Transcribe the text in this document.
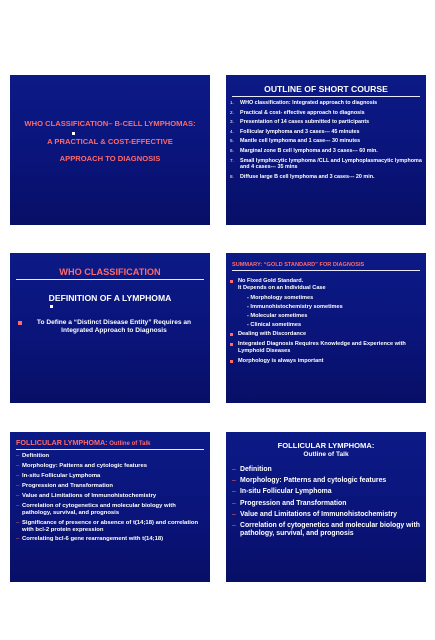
WHO CLASSIFICATION– B-CELL LYMPHOMAS:
A PRACTICAL & COST-EFFECTIVE
APPROACH TO DIAGNOSIS
OUTLINE OF SHORT COURSE
1.	WHO classification: Integrated approach to diagnosis
2.	Practical & cost- effective approach to diagnosis
3.	Presentation of 14 cases submitted to participants
4.	Follicular lymphoma and 3 cases--- 45 minutes
5.	Mantle cell lymphoma and 1 case--- 30 minutes
6.	Marginal zone B cell lymphoma and 3 cases--- 60 min.
7.	Small lymphocytic lymphoma /CLL and Lymphoplasmacytic lymphoma and 4 cases--- 35 mins
8.	Diffuse large B cell lymphoma and 3 cases--- 20 min.
WHO CLASSIFICATION
DEFINITION OF A LYMPHOMA
To Define a “Distinct Disease Entity” Requires an Integrated Approach to Diagnosis
SUMMARY: “GOLD STANDARD” FOR DIAGNOSIS
No Fixed Gold Standard.
It Depends on an Individual Case
- Morphology sometimes
- Immunohistochemistry sometimes
- Molecular sometimes
- Clinical sometimes
Dealing with Discordance
Integrated Diagnosis Requires Knowledge and Experience with Lymphoid Diseases
Morphology is always important
FOLLICULAR LYMPHOMA: Outline of Talk
– Definition
– Morphology: Patterns and cytologic features
– In-situ Follicular Lymphoma
– Progression and Transformation
– Value and Limitations of Immunohistochemistry
– Correlation of cytogenetics and molecular biology with pathology, survival, and prognosis
– Significance of presence or absence of t(14;18) and correlation with bcl-2 protein expression
– Correlating bcl-6 gene rearrangement with t(14;18)
FOLLICULAR LYMPHOMA:
Outline of Talk
– Definition
– Morphology: Patterns and cytologic features
– In-situ Follicular Lymphoma
– Progression and Transformation
– Value and Limitations of Immunohistochemistry
– Correlation of cytogenetics and molecular biology with pathology, survival, and prognosis
